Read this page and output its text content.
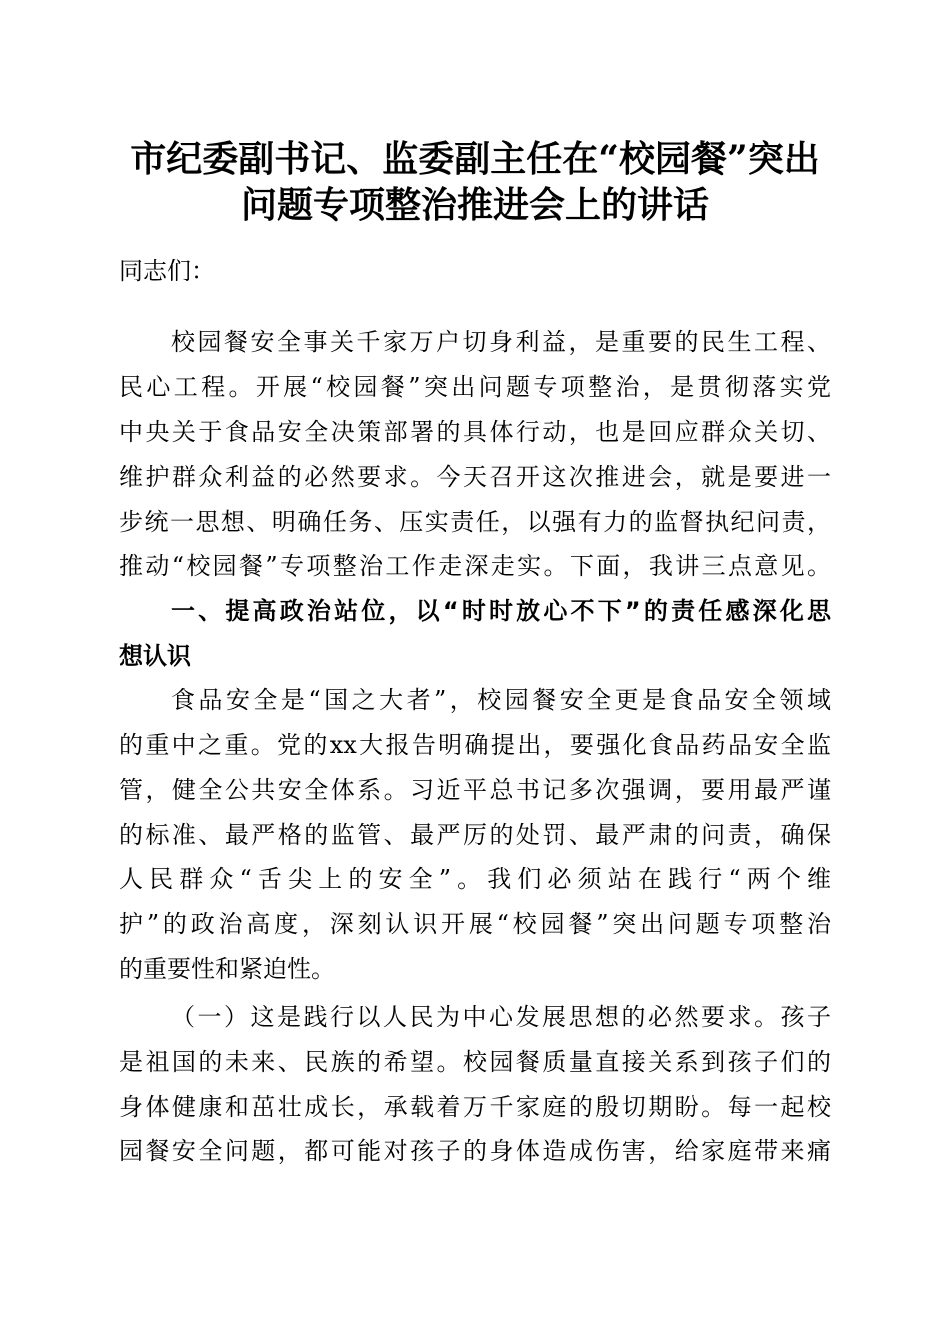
市纪委副书记、监委副主任在“校园餐”突出
问题专项整治推进会上的讲话
同志们：
校园餐安全事关千家万户切身利益，是重要的民生工程、
民心工程。开展“校园餐”突出问题专项整治，是贯彻落实党
中央关于食品安全决策部署的具体行动，也是回应群众关切、
维护群众利益的必然要求。今天召开这次推进会，就是要进一
步统一思想、明确任务、压实责任，以强有力的监督执纪问责，
推动“校园餐”专项整治工作走深走实。下面，我讲三点意见。
一、提高政治站位，以“时时放心不下”的责任感深化思
想认识
食品安全是“国之大者”，校园餐安全更是食品安全领域
的重中之重。党的xx大报告明确提出，要强化食品药品安全监
管，健全公共安全体系。习近平总书记多次强调，要用最严谨
的标准、最严格的监管、最严厉的处罚、最严肃的问责，确保
人民群众“舌尖上的安全”。我们必须站在践行“两个维
护”的政治高度，深刻认识开展“校园餐”突出问题专项整治
的重要性和紧迫性。
（一）这是践行以人民为中心发展思想的必然要求。孩子
是祖国的未来、民族的希望。校园餐质量直接关系到孩子们的
身体健康和茁壮成长，承载着万千家庭的殷切期盼。每一起校
园餐安全问题，都可能对孩子的身体造成伤害，给家庭带来痛
